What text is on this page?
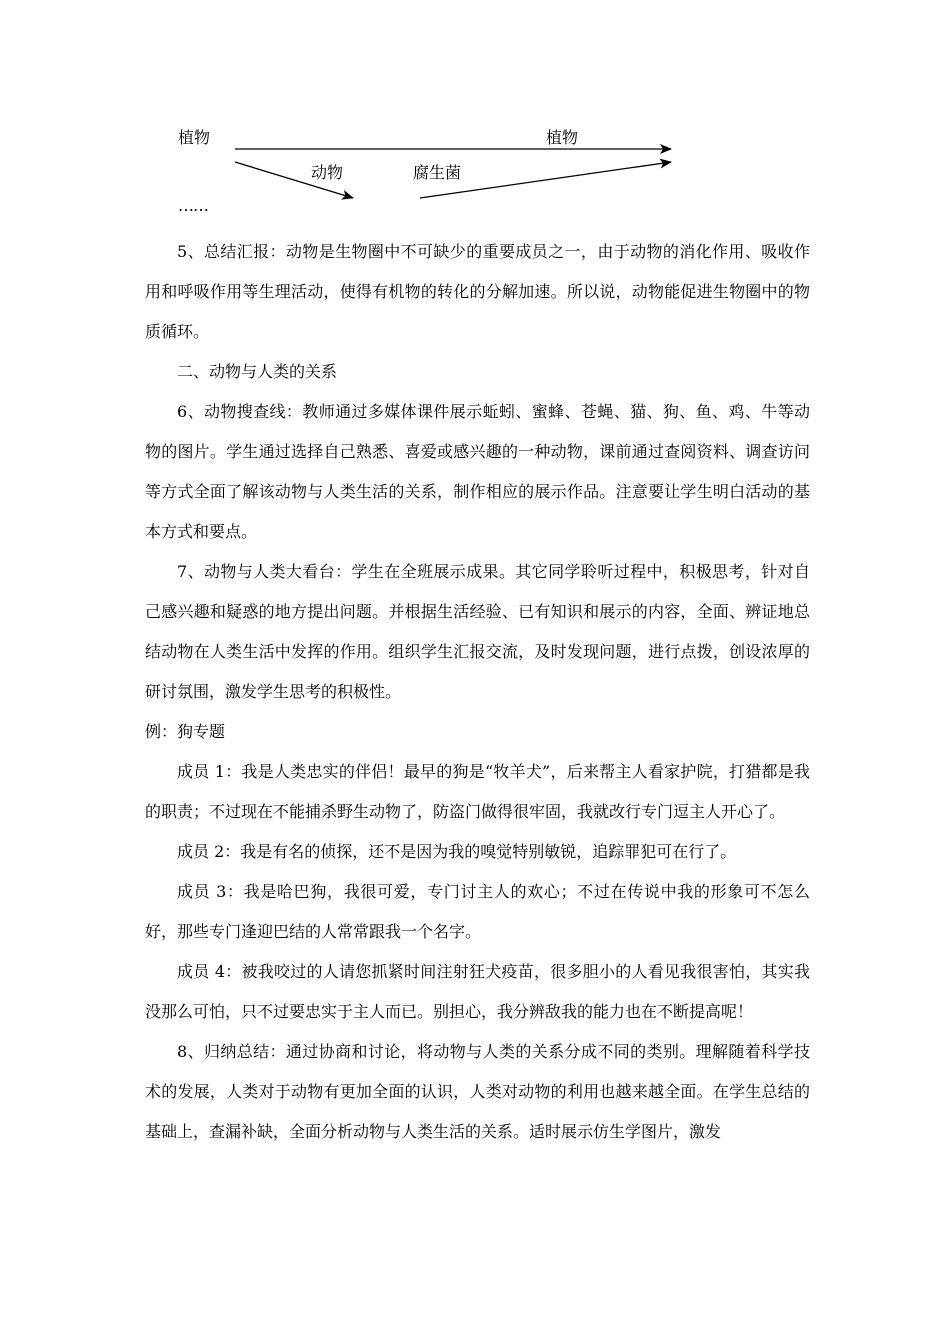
植物	植物
动物	腐生菌
……

5、总结汇报：动物是生物圈中不可缺少的重要成员之一，由于动物的消化作用、吸收作用和呼吸作用等生理活动，使得有机物的转化的分解加速。所以说，动物能促进生物圈中的物质循环。

二、动物与人类的关系

6、动物搜查线：教师通过多媒体课件展示蚯蚓、蜜蜂、苍蝇、猫、狗、鱼、鸡、牛等动物的图片。学生通过选择自己熟悉、喜爱或感兴趣的一种动物，课前通过查阅资料、调查访问等方式全面了解该动物与人类生活的关系，制作相应的展示作品。注意要让学生明白活动的基本方式和要点。

7、动物与人类大看台：学生在全班展示成果。其它同学聆听过程中，积极思考，针对自己感兴趣和疑惑的地方提出问题。并根据生活经验、已有知识和展示的内容，全面、辨证地总结动物在人类生活中发挥的作用。组织学生汇报交流，及时发现问题，进行点拨，创设浓厚的研讨氛围，激发学生思考的积极性。

例：狗专题

成员 1：我是人类忠实的伴侣！最早的狗是“牧羊犬”，后来帮主人看家护院，打猎都是我的职责；不过现在不能捕杀野生动物了，防盗门做得很牢固，我就改行专门逗主人开心了。

成员 2：我是有名的侦探，还不是因为我的嗅觉特别敏锐，追踪罪犯可在行了。

成员 3：我是哈巴狗，我很可爱，专门讨主人的欢心；不过在传说中我的形象可不怎么好，那些专门逢迎巴结的人常常跟我一个名字。

成员 4：被我咬过的人请您抓紧时间注射狂犬疫苗，很多胆小的人看见我很害怕，其实我没那么可怕，只不过要忠实于主人而已。别担心，我分辨敌我的能力也在不断提高呢！

8、归纳总结：通过协商和讨论，将动物与人类的关系分成不同的类别。理解随着科学技术的发展，人类对于动物有更加全面的认识，人类对动物的利用也越来越全面。在学生总结的基础上，查漏补缺，全面分析动物与人类生活的关系。适时展示仿生学图片，激发
